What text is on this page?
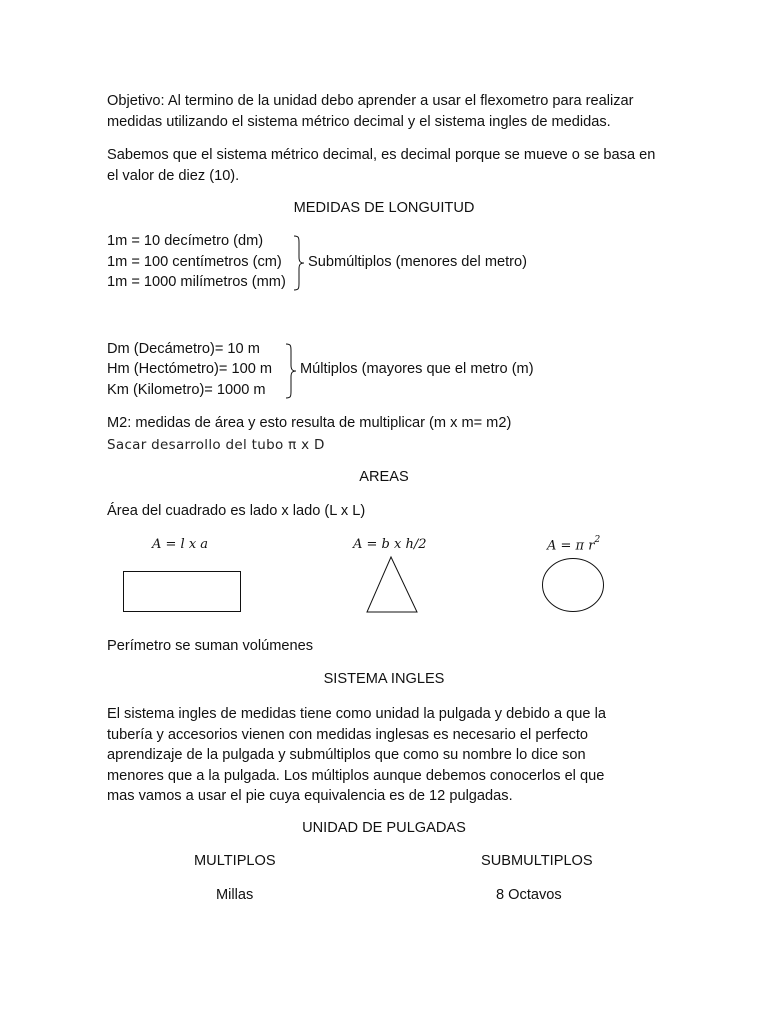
Objetivo: Al termino de la unidad debo aprender a usar el flexometro para realizar medidas utilizando el sistema métrico decimal y el sistema ingles de medidas.
Sabemos que el sistema métrico decimal, es decimal porque se mueve o se basa en el valor de diez (10).
MEDIDAS DE LONGUITUD
1m = 10 decímetro (dm)
1m = 100 centímetros (cm)
1m = 1000 milímetros (mm)
Submúltiplos (menores del metro)
Dm (Decámetro)= 10 m
Hm (Hectómetro)= 100 m
Km (Kilometro)= 1000 m
Múltiplos (mayores que el metro (m)
M2: medidas de área y esto resulta de multiplicar (m x m= m2)
Sacar desarrollo del tubo π x D
AREAS
Área del cuadrado es lado x lado (L x L)
A = l x a	A = b x h/2	A = π $r^2$
Perímetro se suman volúmenes
SISTEMA INGLES
El sistema ingles de medidas tiene como unidad la pulgada y debido a que la tubería y accesorios vienen con medidas inglesas es necesario el perfecto aprendizaje de la pulgada y submúltiplos que como su nombre lo dice son menores que a la pulgada. Los múltiplos aunque debemos conocerlos el que mas vamos a usar el pie cuya equivalencia es de 12 pulgadas.
UNIDAD DE PULGADAS
MULTIPLOS	SUBMULTIPLOS
Millas	8 Octavos
